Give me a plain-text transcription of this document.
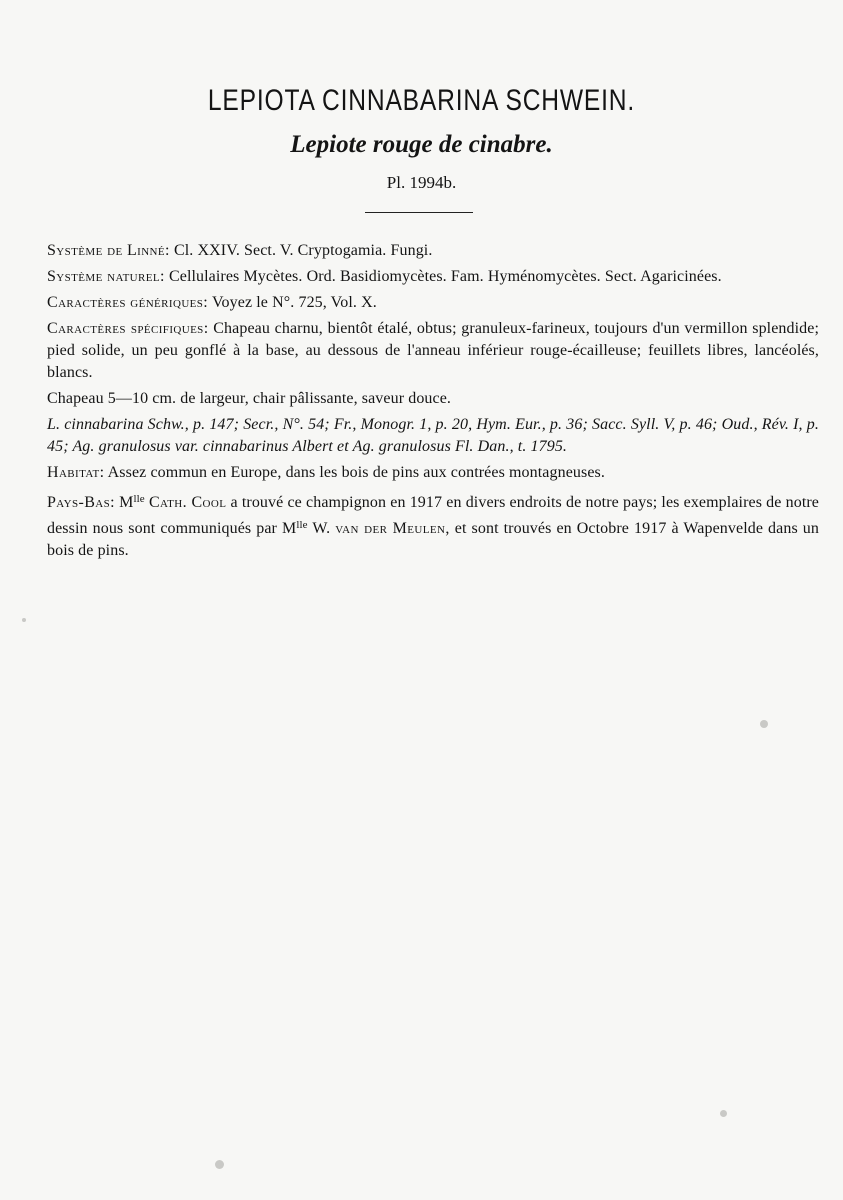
LEPIOTA CINNABARINA SCHWEIN.
Lepiote rouge de cinabre.
Pl. 1994b.

Système de Linné: Cl. XXIV. Sect. V. Cryptogamia. Fungi.

Système naturel: Cellulaires Mycètes. Ord. Basidiomycètes. Fam. Hyménomycètes. Sect. Agaricinées.

Caractères génériques: Voyez le N°. 725, Vol. X.

Caractères spécifiques: Chapeau charnu, bientôt étalé, obtus; granuleux-farineux, toujours d'un vermillon splendide; pied solide, un peu gonflé à la base, au dessous de l'anneau inférieur rouge-écailleuse; feuillets libres, lancéolés, blancs.

Chapeau 5—10 cm. de largeur, chair pâlissante, saveur douce.

L. cinnabarina Schw., p. 147; Secr., N°. 54; Fr., Monogr. 1, p. 20, Hym. Eur., p. 36; Sacc. Syll. V, p. 46; Oud., Rév. I, p. 45; Ag. granulosus var. cinnabarinus Albert et Ag. granulosus Fl. Dan., t. 1795.

Habitat: Assez commun en Europe, dans les bois de pins aux contrées montagneuses.

Pays-Bas: $M^{lle}$ Cath. Cool a trouvé ce champignon en 1917 en divers endroits de notre pays; les exemplaires de notre dessin nous sont communiqués par $M^{lle}$ W. van der Meulen, et sont trouvés en Octobre 1917 à Wapenvelde dans un bois de pins.
